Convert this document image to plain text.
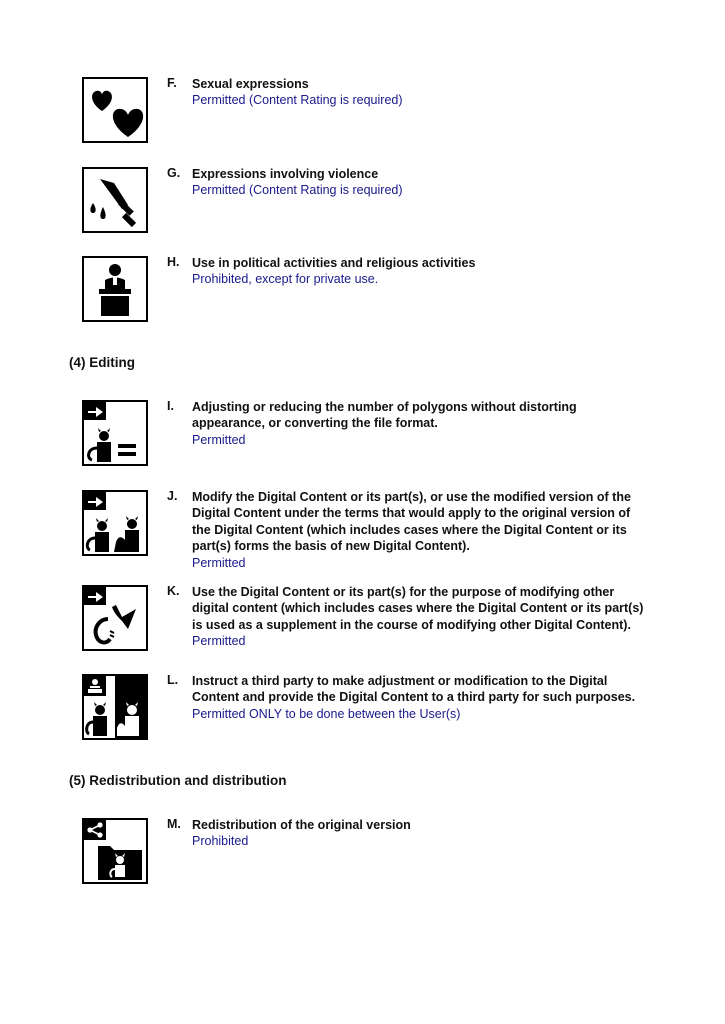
F. Sexual expressions
Permitted (Content Rating is required)
G. Expressions involving violence
Permitted (Content Rating is required)
H. Use in political activities and religious activities
Prohibited, except for private use.
(4) Editing
I. Adjusting or reducing the number of polygons without distorting appearance, or converting the file format.
Permitted
J. Modify the Digital Content or its part(s), or use the modified version of the Digital Content under the terms that would apply to the original version of the Digital Content (which includes cases where the Digital Content or its part(s) forms the basis of new Digital Content).
Permitted
K. Use the Digital Content or its part(s) for the purpose of modifying other digital content (which includes cases where the Digital Content or its part(s) is used as a supplement in the course of modifying other Digital Content).
Permitted
L. Instruct a third party to make adjustment or modification to the Digital Content and provide the Digital Content to a third party for such purposes.
Permitted ONLY to be done between the User(s)
(5) Redistribution and distribution
M. Redistribution of the original version
Prohibited
